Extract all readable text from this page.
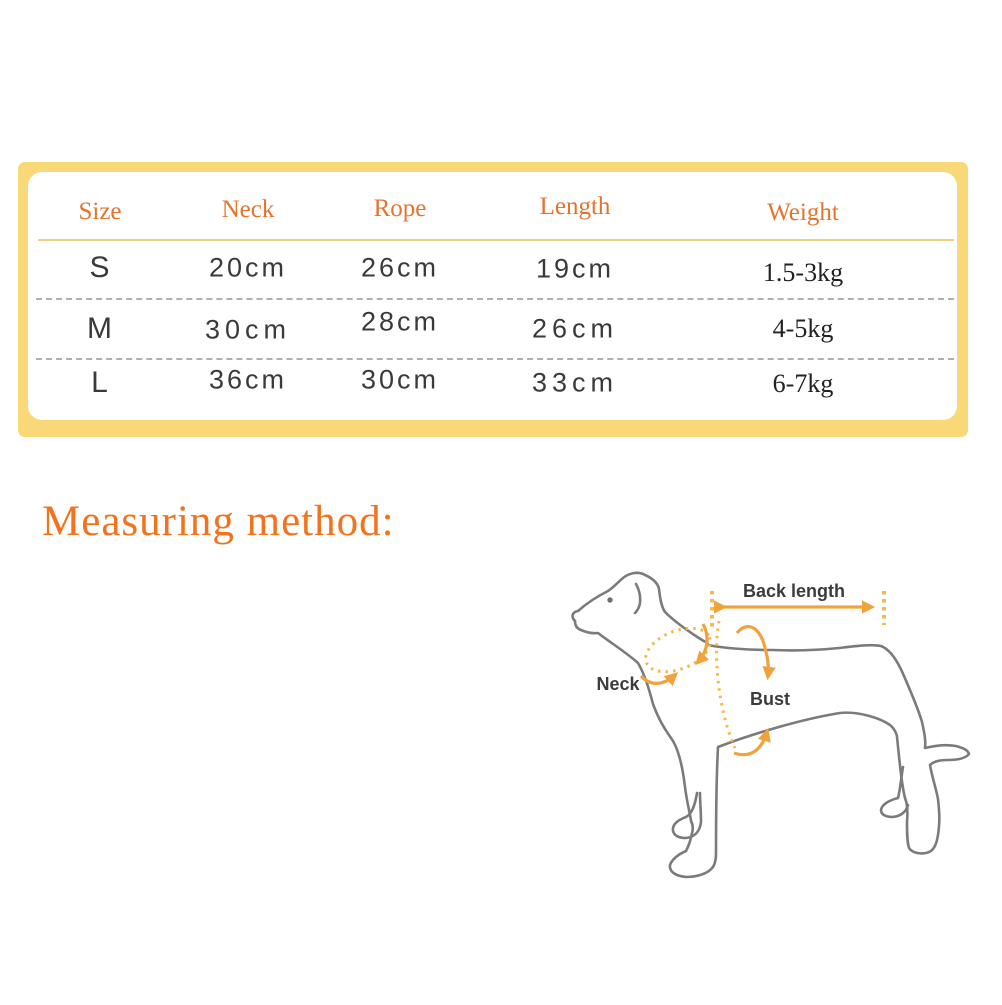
Size	Neck	Rope	Length	Weight
S	20cm	26cm	19cm	1.5-3kg
M	30cm	28cm	26cm	4-5kg
L	36cm	30cm	33cm	6-7kg
Measuring method:
Back length
Neck
Bust
